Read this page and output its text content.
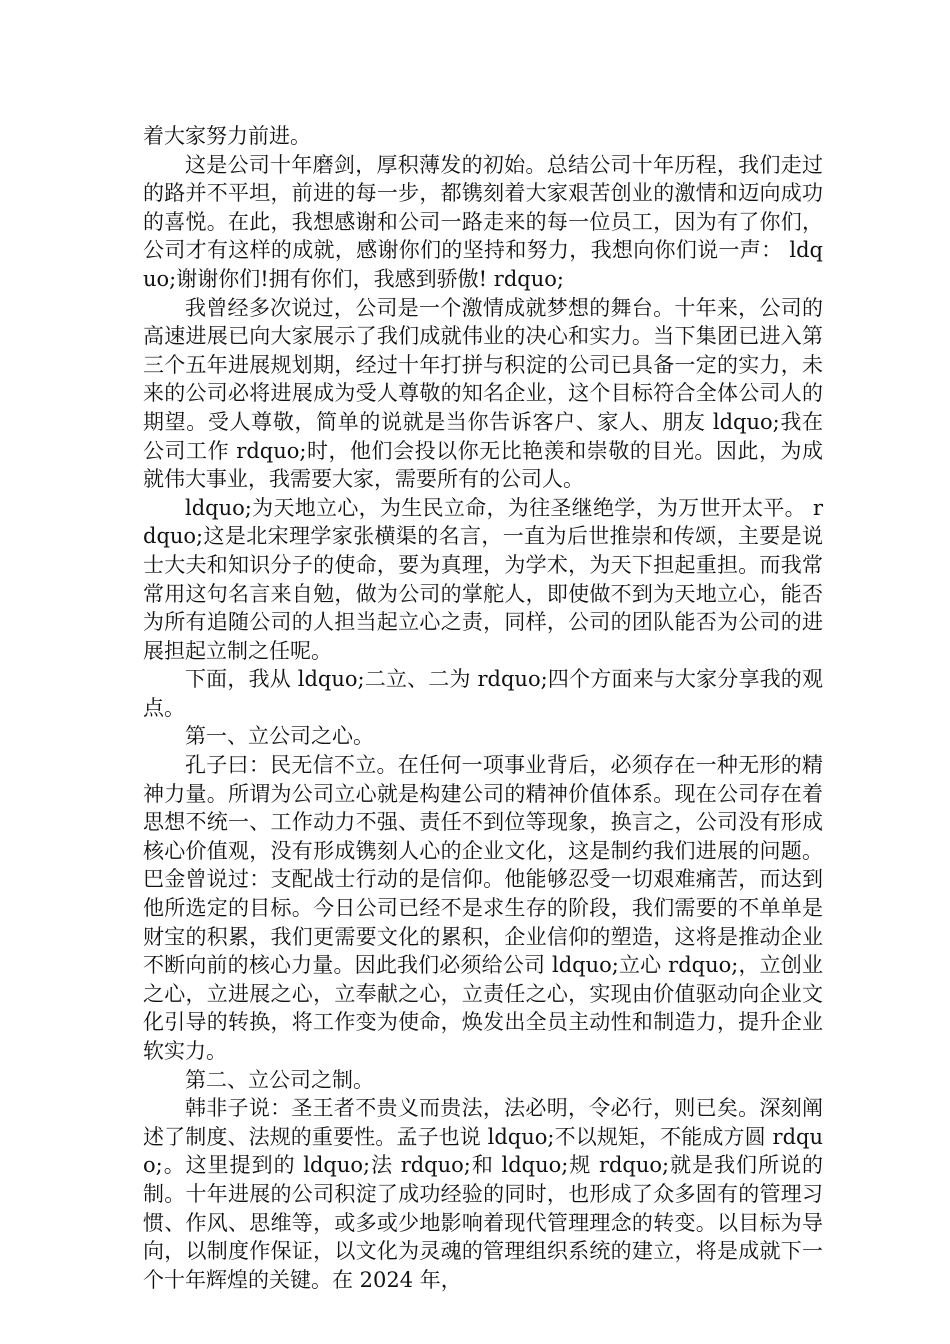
着大家努力前进。

这是公司十年磨剑，厚积薄发的初始。总结公司十年历程，我们走过的路并不平坦，前进的每一步，都镌刻着大家艰苦创业的激情和迈向成功的喜悦。在此，我想感谢和公司一路走来的每一位员工，因为有了你们，公司才有这样的成就，感谢你们的坚持和努力，我想向你们说一声： ldquo;谢谢你们!拥有你们，我感到骄傲! rdquo;

我曾经多次说过，公司是一个激情成就梦想的舞台。十年来，公司的高速进展已向大家展示了我们成就伟业的决心和实力。当下集团已进入第三个五年进展规划期，经过十年打拼与积淀的公司已具备一定的实力，未来的公司必将进展成为受人尊敬的知名企业，这个目标符合全体公司人的期望。受人尊敬，简单的说就是当你告诉客户、家人、朋友 ldquo;我在公司工作 rdquo;时，他们会投以你无比艳羡和崇敬的目光。因此，为成就伟大事业，我需要大家，需要所有的公司人。

ldquo;为天地立心，为生民立命，为往圣继绝学，为万世开太平。 rdquo;这是北宋理学家张横渠的名言，一直为后世推崇和传颂，主要是说士大夫和知识分子的使命，要为真理，为学术，为天下担起重担。而我常常用这句名言来自勉，做为公司的掌舵人，即使做不到为天地立心，能否为所有追随公司的人担当起立心之责，同样，公司的团队能否为公司的进展担起立制之任呢。

下面，我从 ldquo;二立、二为 rdquo;四个方面来与大家分享我的观点。

第一、立公司之心。

孔子曰：民无信不立。在任何一项事业背后，必须存在一种无形的精神力量。所谓为公司立心就是构建公司的精神价值体系。现在公司存在着思想不统一、工作动力不强、责任不到位等现象，换言之，公司没有形成核心价值观，没有形成镌刻人心的企业文化，这是制约我们进展的问题。巴金曾说过：支配战士行动的是信仰。他能够忍受一切艰难痛苦，而达到他所选定的目标。今日公司已经不是求生存的阶段，我们需要的不单单是财宝的积累，我们更需要文化的累积，企业信仰的塑造，这将是推动企业不断向前的核心力量。因此我们必须给公司 ldquo;立心 rdquo;，立创业之心，立进展之心，立奉献之心，立责任之心，实现由价值驱动向企业文化引导的转换，将工作变为使命，焕发出全员主动性和制造力，提升企业软实力。

第二、立公司之制。

韩非子说：圣王者不贵义而贵法，法必明，令必行，则已矣。深刻阐述了制度、法规的重要性。孟子也说 ldquo;不以规矩，不能成方圆 rdquo;。这里提到的 ldquo;法 rdquo;和 ldquo;规 rdquo;就是我们所说的制。十年进展的公司积淀了成功经验的同时，也形成了众多固有的管理习惯、作风、思维等，或多或少地影响着现代管理理念的转变。以目标为导向，以制度作保证，以文化为灵魂的管理组织系统的建立，将是成就下一个十年辉煌的关键。在 2024 年，
